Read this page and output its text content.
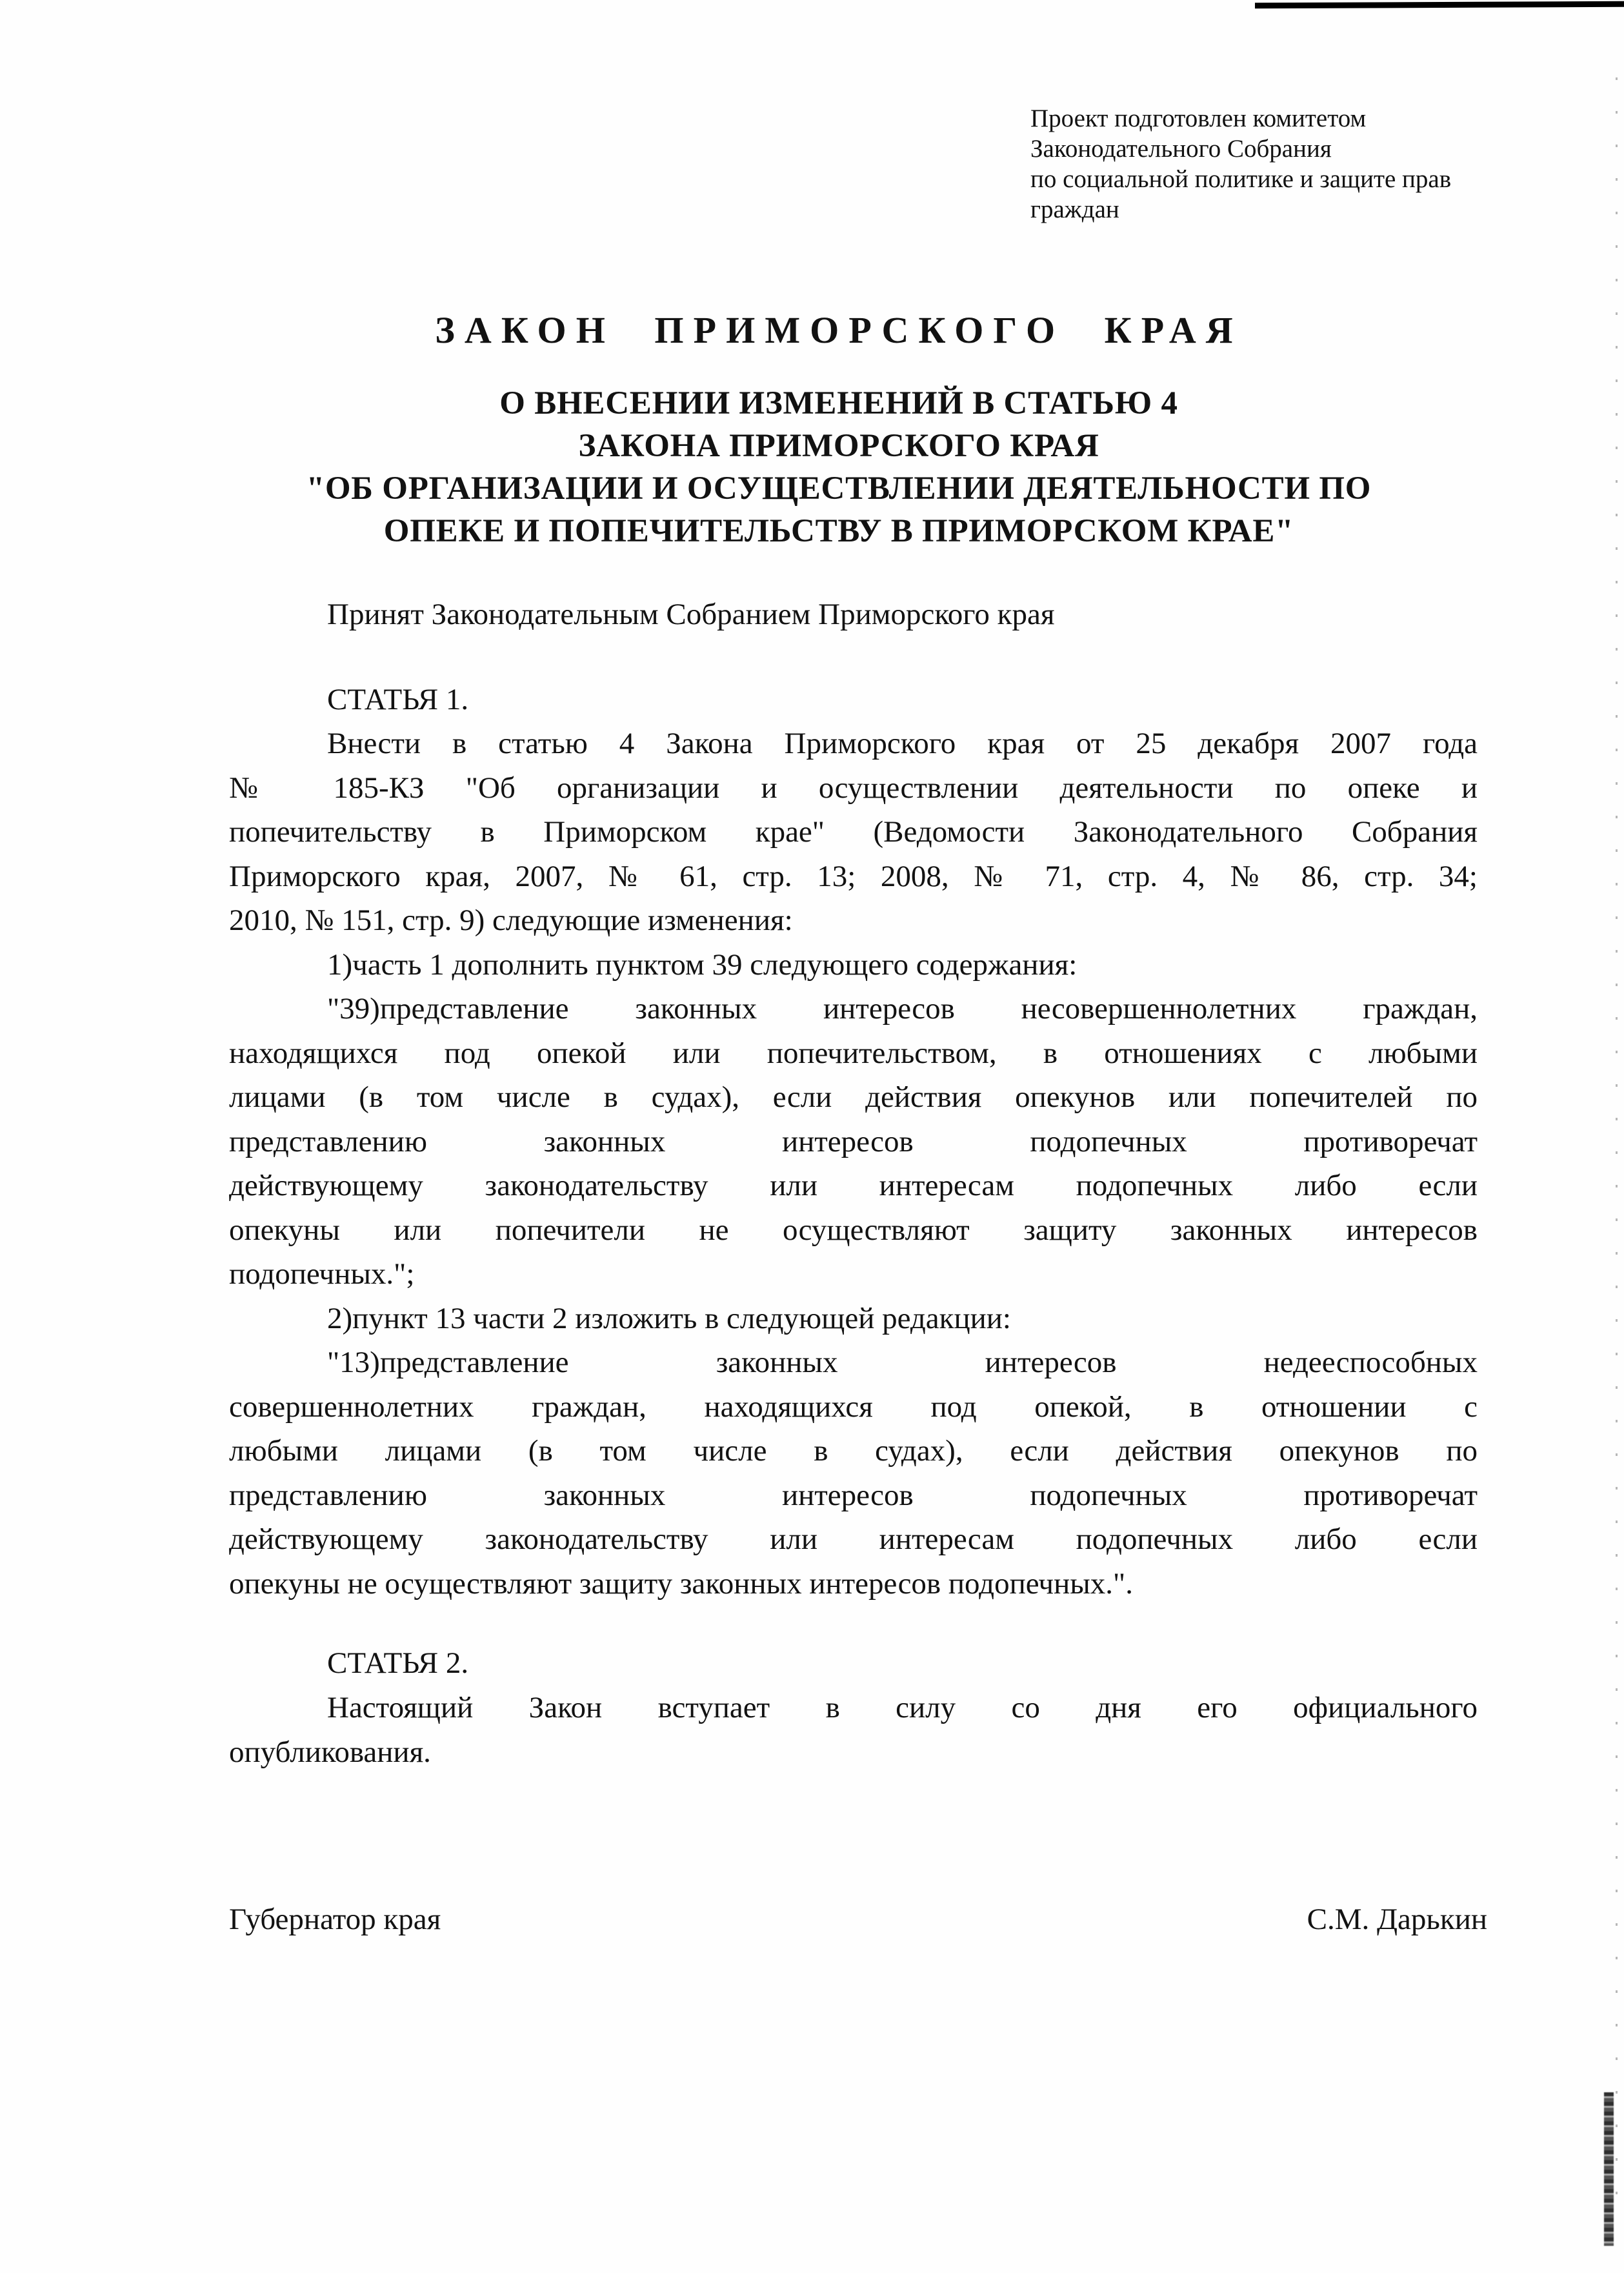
Проект подготовлен комитетом
Законодательного Собрания
по социальной политике и защите прав
граждан
ЗАКОН ПРИМОРСКОГО КРАЯ
О ВНЕСЕНИИ ИЗМЕНЕНИЙ В СТАТЬЮ 4
ЗАКОНА ПРИМОРСКОГО КРАЯ
"ОБ ОРГАНИЗАЦИИ И ОСУЩЕСТВЛЕНИИ ДЕЯТЕЛЬНОСТИ ПО
ОПЕКЕ И ПОПЕЧИТЕЛЬСТВУ В ПРИМОРСКОМ КРАЕ"
Принят Законодательным Собранием Приморского края
СТАТЬЯ 1.
Внести в статью 4 Закона Приморского края от 25 декабря 2007 года
№ 185-КЗ "Об организации и осуществлении деятельности по опеке и
попечительству в Приморском крае" (Ведомости Законодательного Собрания
Приморского края, 2007, № 61, стр. 13; 2008, № 71, стр. 4, № 86, стр. 34;
2010, № 151, стр. 9) следующие изменения:
1)часть 1 дополнить пунктом 39 следующего содержания:
"39)представление законных интересов несовершеннолетних граждан,
находящихся под опекой или попечительством, в отношениях с любыми
лицами (в том числе в судах), если действия опекунов или попечителей по
представлению законных интересов подопечных противоречат
действующему законодательству или интересам подопечных либо если
опекуны или попечители не осуществляют защиту законных интересов
подопечных.";
2)пункт 13 части 2 изложить в следующей редакции:
"13)представление законных интересов недееспособных
совершеннолетних граждан, находящихся под опекой, в отношении с
любыми лицами (в том числе в судах), если действия опекунов по
представлению законных интересов подопечных противоречат
действующему законодательству или интересам подопечных либо если
опекуны не осуществляют защиту законных интересов подопечных.".
СТАТЬЯ 2.
Настоящий Закон вступает в силу со дня его официального
опубликования.
Губернатор края	С.М. Дарькин
